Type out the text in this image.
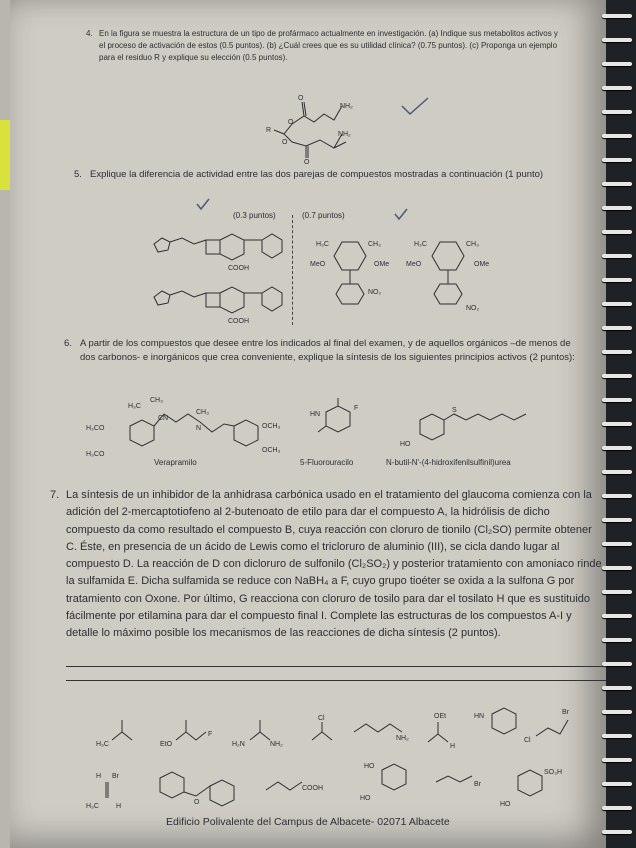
4. En la figura se muestra la estructura de un tipo de profármaco actualmente en investigación. (a) Indique sus metabolitos activos y el proceso de activación de estos (0.5 puntos). (b) ¿Cuál crees que es su utilidad clínica? (0.75 puntos). (c) Proponga un ejemplo para el residuo R y explique su elección (0.5 puntos).
NH₂
NH₂
R
O
O
O
O
5. Explique la diferencia de actividad entre las dos parejas de compuestos mostradas a continuación (1 punto)
(0.3 puntos)	(0.7 puntos)
COOH
COOH
H₃C	CH₃
MeO	OMe
NO₂
H₃C	CH₃
MeO	OMe
NO₂
6. A partir de los compuestos que desee entre los indicados al final del examen, y de aquellos orgánicos –de menos de dos carbonos- e inorgánicos que crea conveniente, explique la síntesis de los siguientes principios activos (2 puntos):
H₃C
CH₃
CN
CH₃
N
H₃CO
H₃CO
OCH₃
OCH₃
Verapramilo
HN
F
5-Fluorouracilo
HO
S
N-butil-N'-(4-hidroxifenilsulfinil)urea
7. La síntesis de un inhibidor de la anhidrasa carbónica usado en el tratamiento del glaucoma comienza con la adición del 2-mercaptotiofeno al 2-butenoato de etilo para dar el compuesto A, la hidrólisis de dicho compuesto da como resultado el compuesto B, cuya reacción con cloruro de tionilo (Cl₂SO) permite obtener C. Éste, en presencia de un ácido de Lewis como el tricloruro de aluminio (III), se cicla dando lugar al compuesto D. La reacción de D con dicloruro de sulfonilo (Cl₂SO₂) y posterior tratamiento con amoniaco rinde la sulfamida E. Dicha sulfamida se reduce con NaBH₄ a F, cuyo grupo tioéter se oxida a la sulfona G por tratamiento con Oxone. Por último, G reacciona con cloruro de tosilo para dar el tosilato H que es sustituido fácilmente por etilamina para dar el compuesto final I. Complete las estructuras de los compuestos A-I y detalle lo máximo posible los mecanismos de las reacciones de dicha síntesis (2 puntos).
H₃C	EtO
F
H₂N	NH₂
Cl
NH₂
OEt
H
HN
Br
Cl
H Br
H₃C H
O
COOH
HO
HO
Br
SO₃H
HO
Edificio Polivalente del Campus de Albacete- 02071 Albacete
